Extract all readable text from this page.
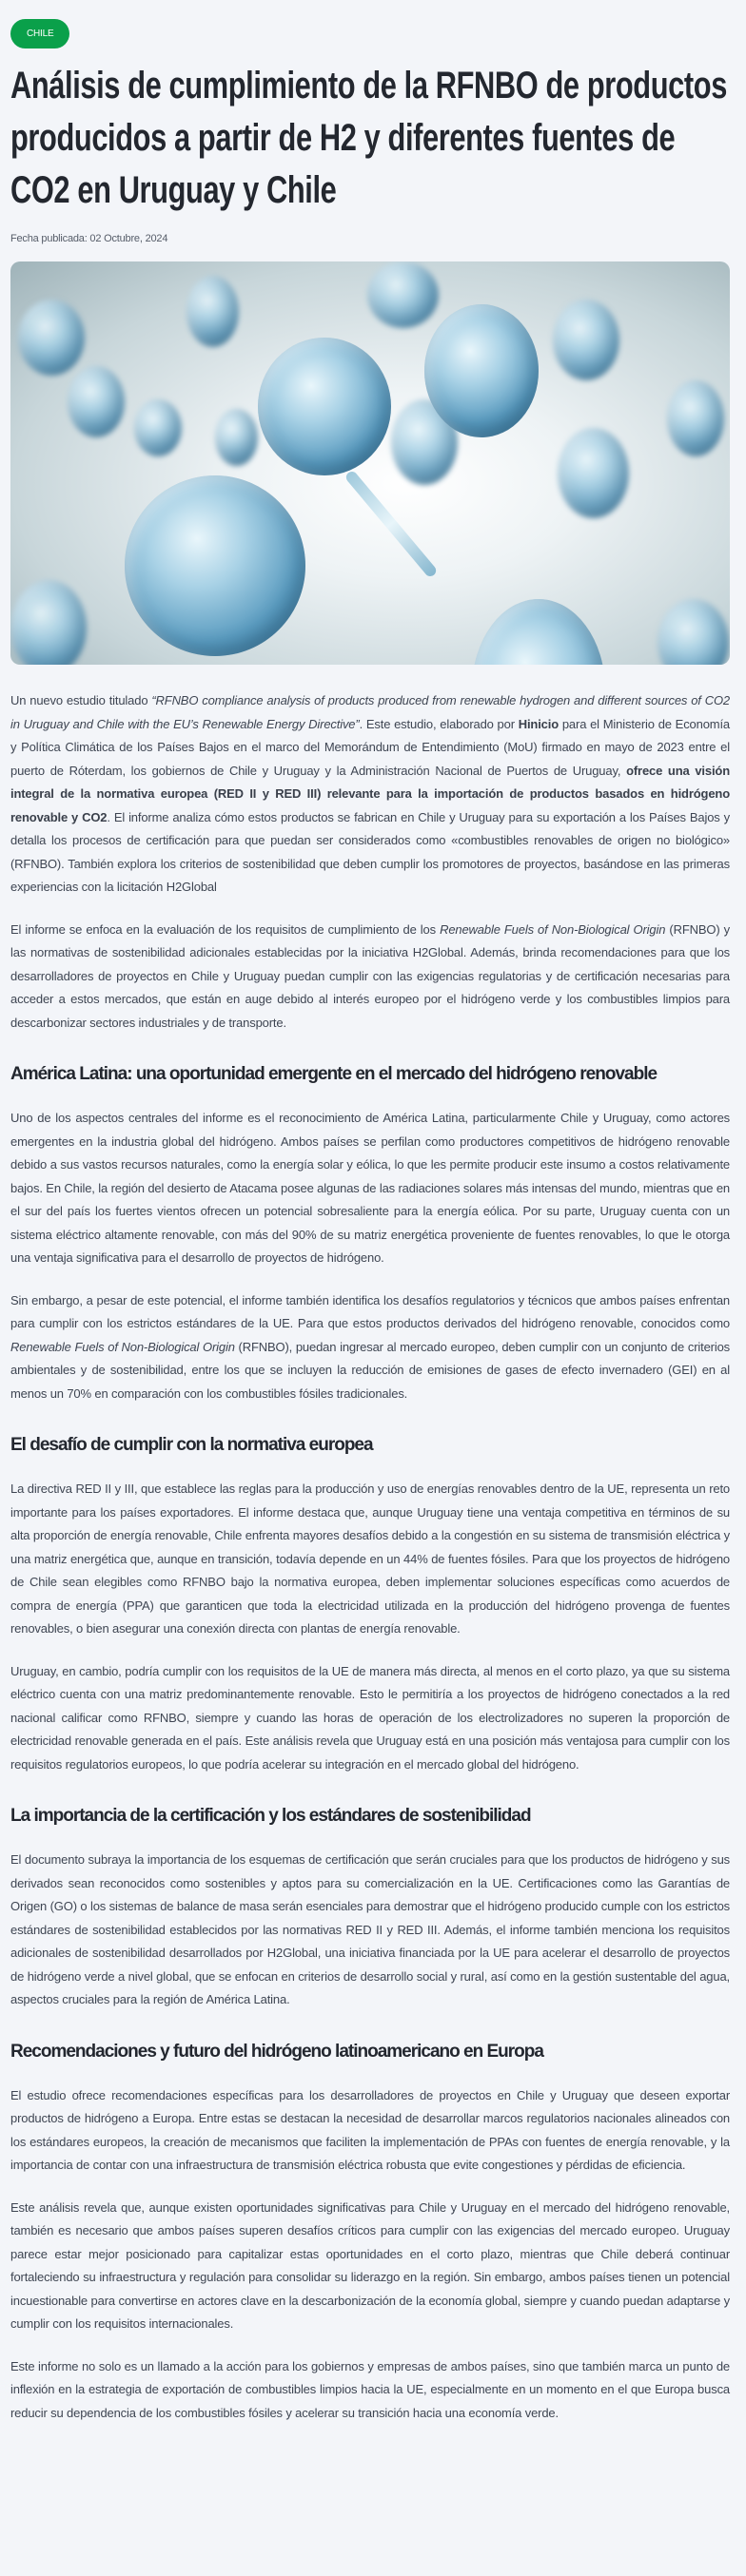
CHILE
Análisis de cumplimiento de la RFNBO de productos producidos a partir de H2 y diferentes fuentes de CO2 en Uruguay y Chile
Fecha publicada: 02 Octubre, 2024

Un nuevo estudio titulado “RFNBO compliance analysis of products produced from renewable hydrogen and different sources of CO2 in Uruguay and Chile with the EU’s Renewable Energy Directive”. Este estudio, elaborado por Hinicio para el Ministerio de Economía y Política Climática de los Países Bajos en el marco del Memorándum de Entendimiento (MoU) firmado en mayo de 2023 entre el puerto de Róterdam, los gobiernos de Chile y Uruguay y la Administración Nacional de Puertos de Uruguay, ofrece una visión integral de la normativa europea (RED II y RED III) relevante para la importación de productos basados en hidrógeno renovable y CO2. El informe analiza cómo estos productos se fabrican en Chile y Uruguay para su exportación a los Países Bajos y detalla los procesos de certificación para que puedan ser considerados como «combustibles renovables de origen no biológico» (RFNBO). También explora los criterios de sostenibilidad que deben cumplir los promotores de proyectos, basándose en las primeras experiencias con la licitación H2Global

El informe se enfoca en la evaluación de los requisitos de cumplimiento de los Renewable Fuels of Non-Biological Origin (RFNBO) y las normativas de sostenibilidad adicionales establecidas por la iniciativa H2Global. Además, brinda recomendaciones para que los desarrolladores de proyectos en Chile y Uruguay puedan cumplir con las exigencias regulatorias y de certificación necesarias para acceder a estos mercados, que están en auge debido al interés europeo por el hidrógeno verde y los combustibles limpios para descarbonizar sectores industriales y de transporte.

América Latina: una oportunidad emergente en el mercado del hidrógeno renovable

Uno de los aspectos centrales del informe es el reconocimiento de América Latina, particularmente Chile y Uruguay, como actores emergentes en la industria global del hidrógeno. Ambos países se perfilan como productores competitivos de hidrógeno renovable debido a sus vastos recursos naturales, como la energía solar y eólica, lo que les permite producir este insumo a costos relativamente bajos. En Chile, la región del desierto de Atacama posee algunas de las radiaciones solares más intensas del mundo, mientras que en el sur del país los fuertes vientos ofrecen un potencial sobresaliente para la energía eólica. Por su parte, Uruguay cuenta con un sistema eléctrico altamente renovable, con más del 90% de su matriz energética proveniente de fuentes renovables, lo que le otorga una ventaja significativa para el desarrollo de proyectos de hidrógeno.

Sin embargo, a pesar de este potencial, el informe también identifica los desafíos regulatorios y técnicos que ambos países enfrentan para cumplir con los estrictos estándares de la UE. Para que estos productos derivados del hidrógeno renovable, conocidos como Renewable Fuels of Non-Biological Origin (RFNBO), puedan ingresar al mercado europeo, deben cumplir con un conjunto de criterios ambientales y de sostenibilidad, entre los que se incluyen la reducción de emisiones de gases de efecto invernadero (GEI) en al menos un 70% en comparación con los combustibles fósiles tradicionales.

El desafío de cumplir con la normativa europea

La directiva RED II y III, que establece las reglas para la producción y uso de energías renovables dentro de la UE, representa un reto importante para los países exportadores. El informe destaca que, aunque Uruguay tiene una ventaja competitiva en términos de su alta proporción de energía renovable, Chile enfrenta mayores desafíos debido a la congestión en su sistema de transmisión eléctrica y una matriz energética que, aunque en transición, todavía depende en un 44% de fuentes fósiles. Para que los proyectos de hidrógeno de Chile sean elegibles como RFNBO bajo la normativa europea, deben implementar soluciones específicas como acuerdos de compra de energía (PPA) que garanticen que toda la electricidad utilizada en la producción del hidrógeno provenga de fuentes renovables, o bien asegurar una conexión directa con plantas de energía renovable.

Uruguay, en cambio, podría cumplir con los requisitos de la UE de manera más directa, al menos en el corto plazo, ya que su sistema eléctrico cuenta con una matriz predominantemente renovable. Esto le permitiría a los proyectos de hidrógeno conectados a la red nacional calificar como RFNBO, siempre y cuando las horas de operación de los electrolizadores no superen la proporción de electricidad renovable generada en el país. Este análisis revela que Uruguay está en una posición más ventajosa para cumplir con los requisitos regulatorios europeos, lo que podría acelerar su integración en el mercado global del hidrógeno.

La importancia de la certificación y los estándares de sostenibilidad

El documento subraya la importancia de los esquemas de certificación que serán cruciales para que los productos de hidrógeno y sus derivados sean reconocidos como sostenibles y aptos para su comercialización en la UE. Certificaciones como las Garantías de Origen (GO) o los sistemas de balance de masa serán esenciales para demostrar que el hidrógeno producido cumple con los estrictos estándares de sostenibilidad establecidos por las normativas RED II y RED III. Además, el informe también menciona los requisitos adicionales de sostenibilidad desarrollados por H2Global, una iniciativa financiada por la UE para acelerar el desarrollo de proyectos de hidrógeno verde a nivel global, que se enfocan en criterios de desarrollo social y rural, así como en la gestión sustentable del agua, aspectos cruciales para la región de América Latina.

Recomendaciones y futuro del hidrógeno latinoamericano en Europa

El estudio ofrece recomendaciones específicas para los desarrolladores de proyectos en Chile y Uruguay que deseen exportar productos de hidrógeno a Europa. Entre estas se destacan la necesidad de desarrollar marcos regulatorios nacionales alineados con los estándares europeos, la creación de mecanismos que faciliten la implementación de PPAs con fuentes de energía renovable, y la importancia de contar con una infraestructura de transmisión eléctrica robusta que evite congestiones y pérdidas de eficiencia.

Este análisis revela que, aunque existen oportunidades significativas para Chile y Uruguay en el mercado del hidrógeno renovable, también es necesario que ambos países superen desafíos críticos para cumplir con las exigencias del mercado europeo. Uruguay parece estar mejor posicionado para capitalizar estas oportunidades en el corto plazo, mientras que Chile deberá continuar fortaleciendo su infraestructura y regulación para consolidar su liderazgo en la región. Sin embargo, ambos países tienen un potencial incuestionable para convertirse en actores clave en la descarbonización de la economía global, siempre y cuando puedan adaptarse y cumplir con los requisitos internacionales.

Este informe no solo es un llamado a la acción para los gobiernos y empresas de ambos países, sino que también marca un punto de inflexión en la estrategia de exportación de combustibles limpios hacia la UE, especialmente en un momento en el que Europa busca reducir su dependencia de los combustibles fósiles y acelerar su transición hacia una economía verde.
